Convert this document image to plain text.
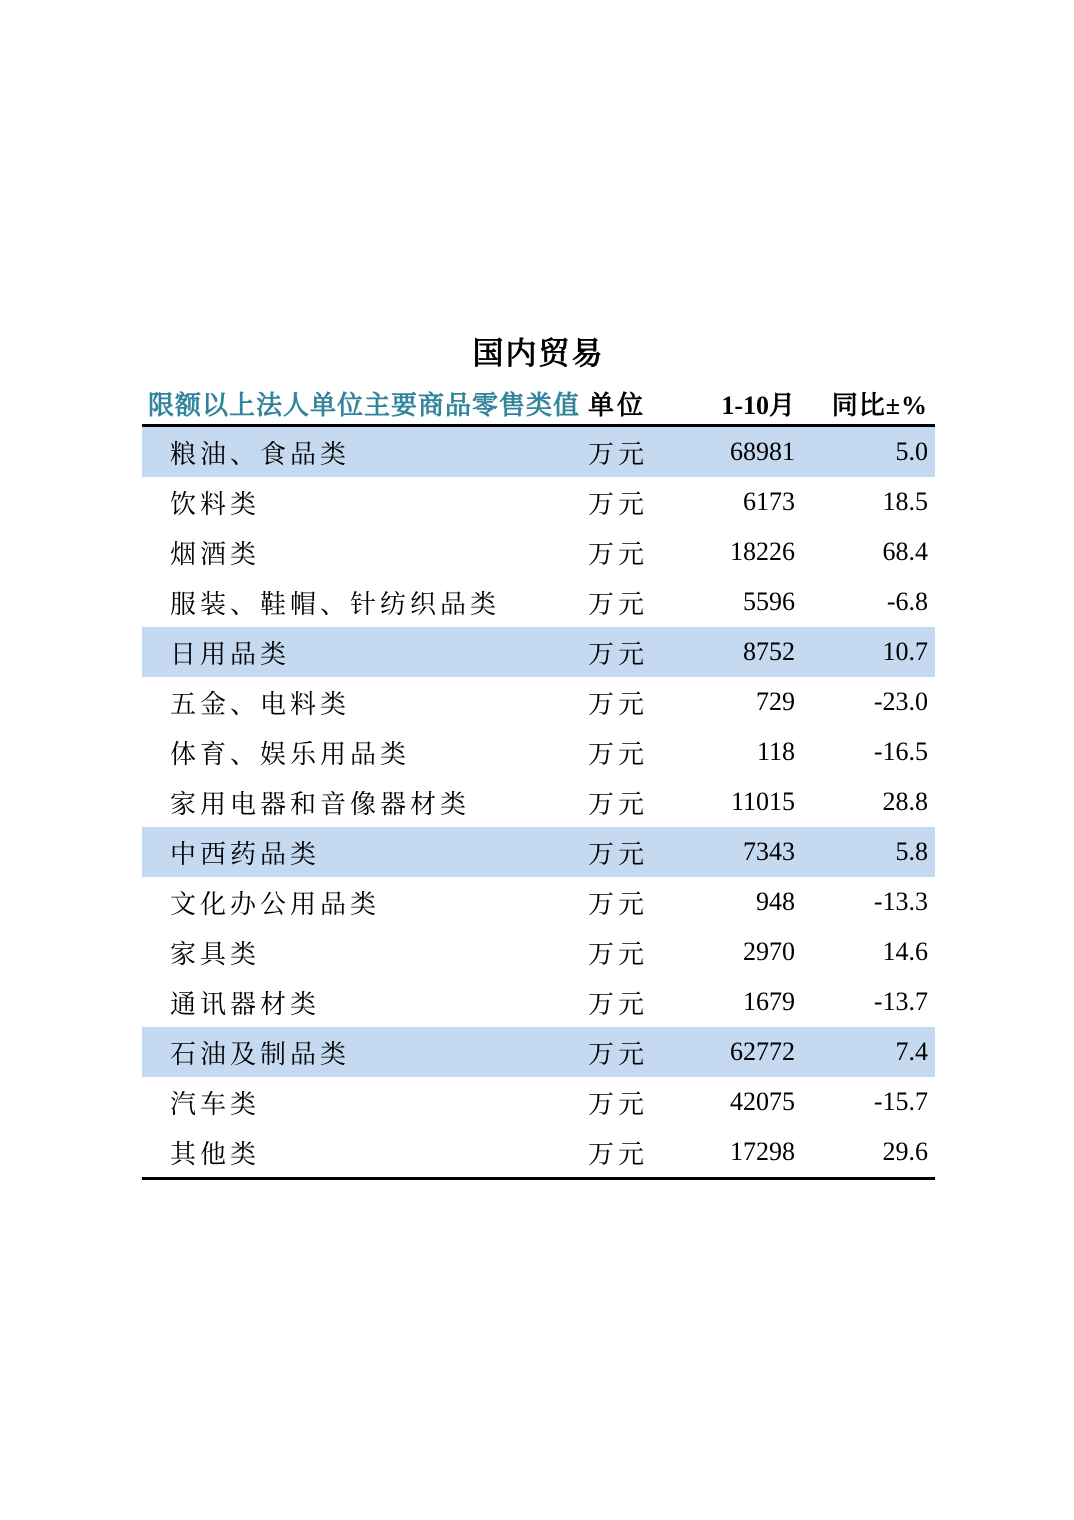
国内贸易
限额以上法人单位主要商品零售类值 单位	1-10月	同比±%
粮油、食品类	万元	68981	5.0
饮料类	万元	6173	18.5
烟酒类	万元	18226	68.4
服装、鞋帽、针纺织品类	万元	5596	-6.8
日用品类	万元	8752	10.7
五金、电料类	万元	729	-23.0
体育、娱乐用品类	万元	118	-16.5
家用电器和音像器材类	万元	11015	28.8
中西药品类	万元	7343	5.8
文化办公用品类	万元	948	-13.3
家具类	万元	2970	14.6
通讯器材类	万元	1679	-13.7
石油及制品类	万元	62772	7.4
汽车类	万元	42075	-15.7
其他类	万元	17298	29.6
